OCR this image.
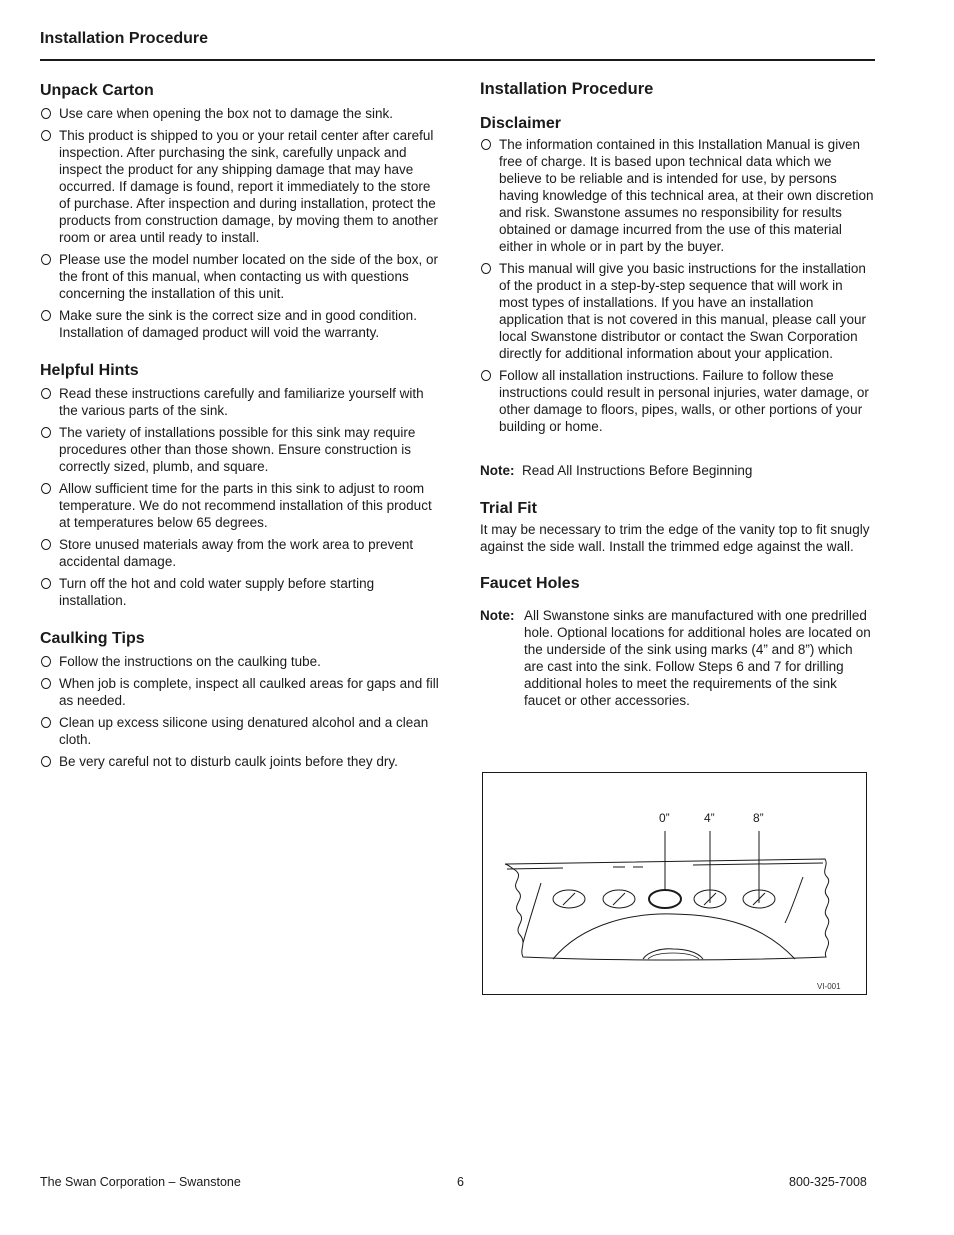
Installation Procedure
Unpack Carton
Use care when opening the box not to damage the sink.
This product is shipped to you or your retail center after careful inspection. After purchasing the sink, carefully unpack and inspect the product for any shipping damage that may have occurred. If damage is found, report it immediately to the store of purchase. After inspection and during installation, protect the products from construction damage, by moving them to another room or area until ready to install.
Please use the model number located on the side of the box, or the front of this manual, when contacting us with questions concerning the installation of this unit.
Make sure the sink is the correct size and in good condition. Installation of damaged product will void the warranty.
Helpful Hints
Read these instructions carefully and familiarize yourself with the various parts of the sink.
The variety of installations possible for this sink may require procedures other than those shown. Ensure construction is correctly sized, plumb, and square.
Allow sufficient time for the parts in this sink to adjust to room temperature. We do not recommend installation of this product at temperatures below 65 degrees.
Store unused materials away from the work area to prevent accidental damage.
Turn off the hot and cold water supply before starting installation.
Caulking Tips
Follow the instructions on the caulking tube.
When job is complete, inspect all caulked areas for gaps and fill as needed.
Clean up excess silicone using denatured alcohol and a clean cloth.
Be very careful not to disturb caulk joints before they dry.
Installation Procedure
Disclaimer
The information contained in this Installation Manual is given free of charge. It is based upon technical data which we believe to be reliable and is intended for use, by persons having knowledge of this technical area, at their own discretion and risk. Swanstone assumes no responsibility for results obtained or damage incurred from the use of this material either in whole or in part by the buyer.
This manual will give you basic instructions for the installation of the product in a step-by-step sequence that will work in most types of installations. If you have an installation application that is not covered in this manual, please call your local Swanstone distributor or contact the Swan Corporation directly for additional information about your application.
Follow all installation instructions. Failure to follow these instructions could result in personal injuries, water damage, or other damage to floors, pipes, walls, or other portions of your building or home.
Note: Read All Instructions Before Beginning
Trial Fit

It may be necessary to trim the edge of the vanity top to fit snugly against the side wall. Install the trimmed edge against the wall.

Faucet Holes
Note: All Swanstone sinks are manufactured with one predrilled hole. Optional locations for additional holes are located on the underside of the sink using marks (4” and 8”) which are cast into the sink. Follow Steps 6 and 7 for drilling additional holes to meet the requirements of the sink faucet or other accessories.
0”	4”	8”
VI-001
The Swan Corporation – Swanstone	6	800-325-7008
